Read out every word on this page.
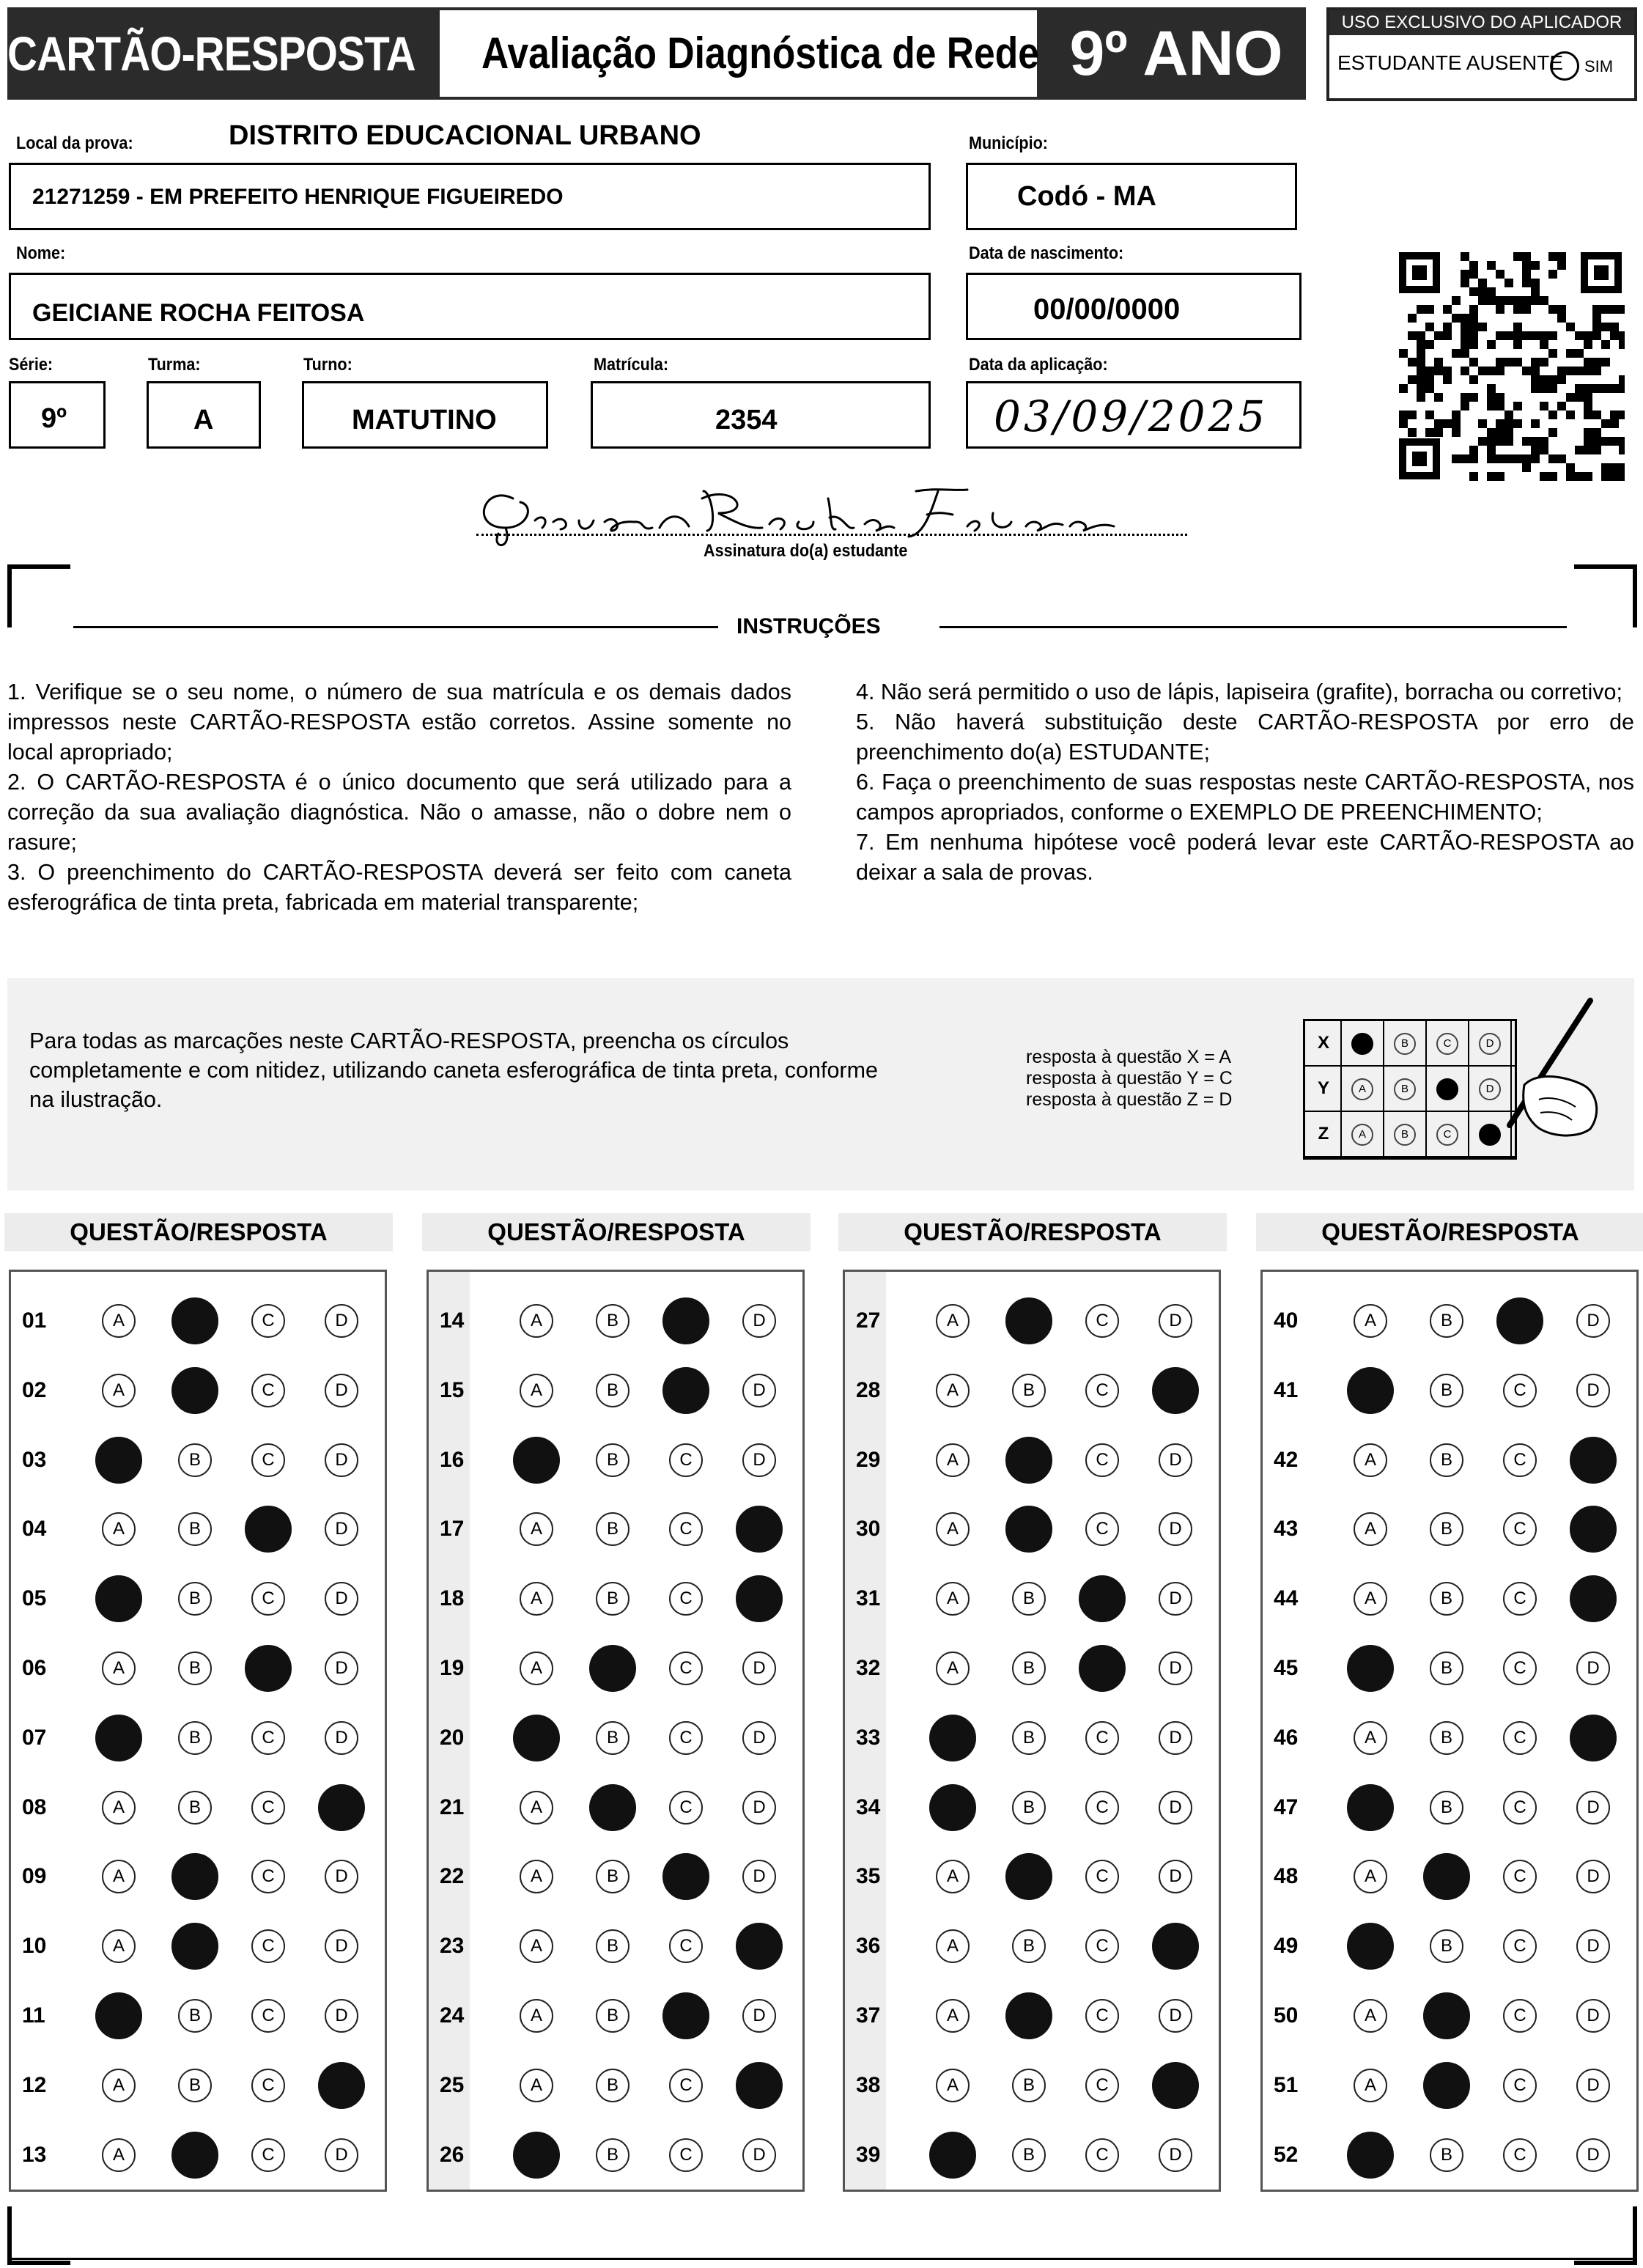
CARTÃO-RESPOSTA Avaliação Diagnóstica de Rede 9º ANO	USO EXCLUSIVO DO APLICADOR
ESTUDANTE AUSENTE SIM
Local da prova:	DISTRITO EDUCACIONAL URBANO
21271259 - EM PREFEITO HENRIQUE FIGUEIREDO
Município:
Codó - MA
Nome:
GEICIANE ROCHA FEITOSA
Data de nascimento:
00/00/0000
Série:
9º
Turma:
A
Turno:
MATUTINO
Matrícula:
2354
Data da aplicação:
03/09/2025
Assinatura do(a) estudante
INSTRUÇÕES
1. Verifique se o seu nome, o número de sua matrícula e os demais dados impressos neste CARTÃO-RESPOSTA estão corretos. Assine somente no local apropriado;
2. O CARTÃO-RESPOSTA é o único documento que será utilizado para a correção da sua avaliação diagnóstica. Não o amasse, não o dobre nem o rasure;
3. O preenchimento do CARTÃO-RESPOSTA deverá ser feito com caneta esferográfica de tinta preta, fabricada em material transparente;
4. Não será permitido o uso de lápis, lapiseira (grafite), borracha ou corretivo;
5. Não haverá substituição deste CARTÃO-RESPOSTA por erro de preenchimento do(a) ESTUDANTE;
6. Faça o preenchimento de suas respostas neste CARTÃO-RESPOSTA, nos campos apropriados, conforme o EXEMPLO DE PREENCHIMENTO;
7. Em nenhuma hipótese você poderá levar este CARTÃO-RESPOSTA ao deixar a sala de provas.
Para todas as marcações neste CARTÃO-RESPOSTA, preencha os círculos completamente e com nitidez, utilizando caneta esferográfica de tinta preta, conforme na ilustração.
resposta à questão X = A
resposta à questão Y = C
resposta à questão Z = D
X	A	B	C	D
Y	A	B	C	D
Z	A	B	C	D
QUESTÃO/RESPOSTA
01	A	B	C	D
02	A	B	C	D
03	A	B	C	D
04	A	B	C	D
05	A	B	C	D
06	A	B	C	D
07	A	B	C	D
08	A	B	C	D
09	A	B	C	D
10	A	B	C	D
11	A	B	C	D
12	A	B	C	D
13	A	B	C	D
QUESTÃO/RESPOSTA
14	A	B	C	D
15	A	B	C	D
16	A	B	C	D
17	A	B	C	D
18	A	B	C	D
19	A	B	C	D
20	A	B	C	D
21	A	B	C	D
22	A	B	C	D
23	A	B	C	D
24	A	B	C	D
25	A	B	C	D
26	A	B	C	D
QUESTÃO/RESPOSTA
27	A	B	C	D
28	A	B	C	D
29	A	B	C	D
30	A	B	C	D
31	A	B	C	D
32	A	B	C	D
33	A	B	C	D
34	A	B	C	D
35	A	B	C	D
36	A	B	C	D
37	A	B	C	D
38	A	B	C	D
39	A	B	C	D
QUESTÃO/RESPOSTA
40	A	B	C	D
41	A	B	C	D
42	A	B	C	D
43	A	B	C	D
44	A	B	C	D
45	A	B	C	D
46	A	B	C	D
47	A	B	C	D
48	A	B	C	D
49	A	B	C	D
50	A	B	C	D
51	A	B	C	D
52	A	B	C	D
